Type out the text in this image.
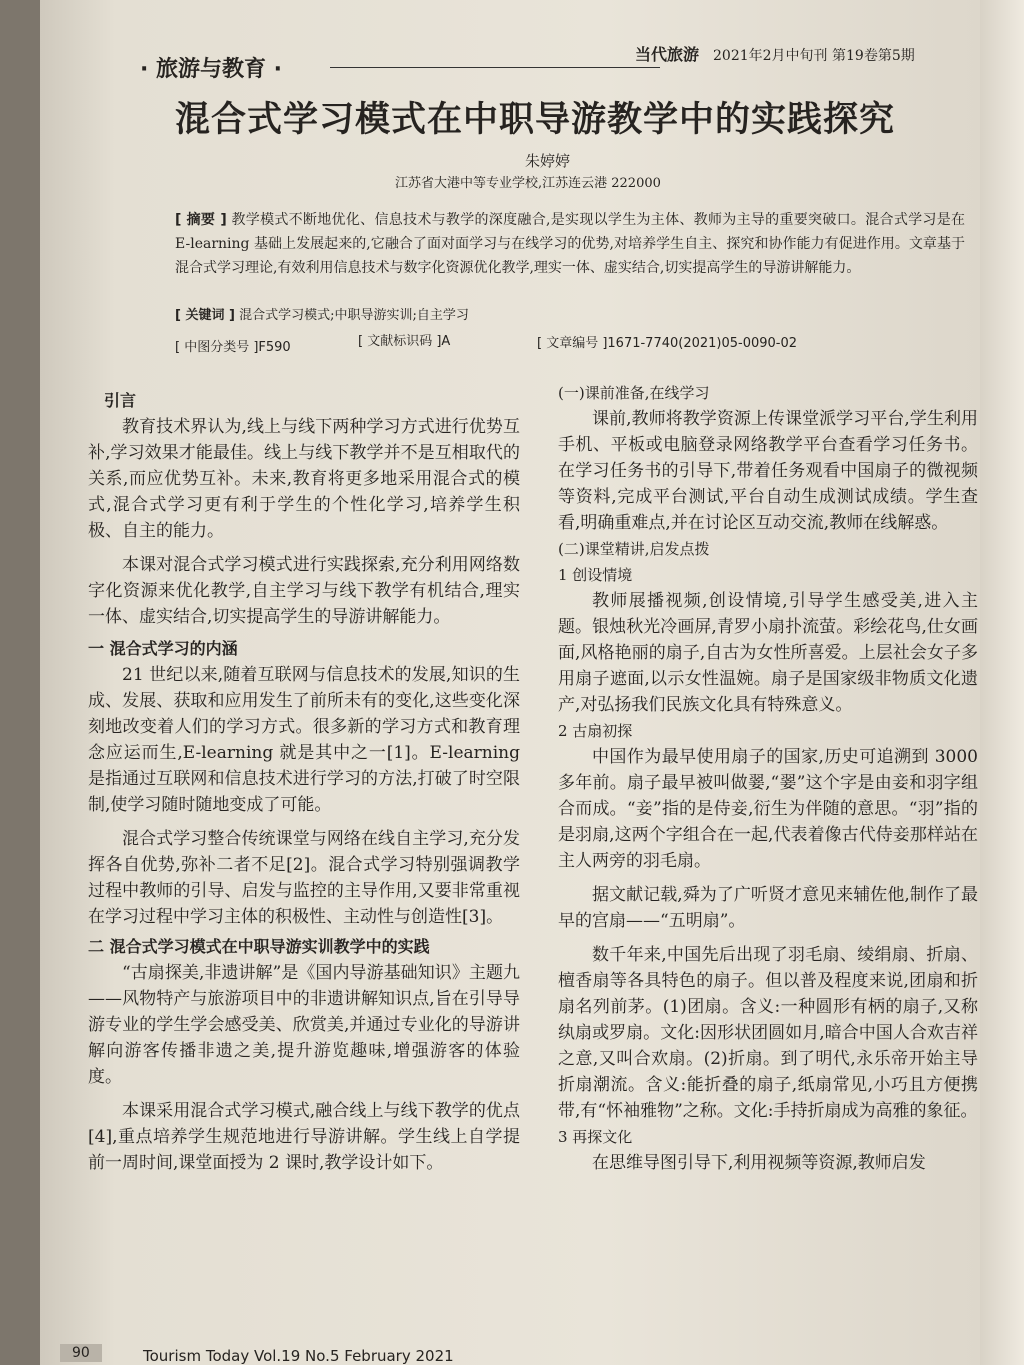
· 旅游与教育 ·
当代旅游 2021年2月中旬刊 第19卷第5期
混合式学习模式在中职导游教学中的实践探究
朱婷婷
江苏省大港中等专业学校,江苏连云港 222000

[ 摘要 ] 教学模式不断地优化、信息技术与教学的深度融合,是实现以学生为主体、教师为主导的重要突破口。混合式学习是在 E-learning 基础上发展起来的,它融合了面对面学习与在线学习的优势,对培养学生自主、探究和协作能力有促进作用。文章基于混合式学习理论,有效利用信息技术与数字化资源优化教学,理实一体、虚实结合,切实提高学生的导游讲解能力。

[ 关键词 ] 混合式学习模式;中职导游实训;自主学习
[ 中图分类号 ]F590	[ 文献标识码 ]A	[ 文章编号 ]1671-7740(2021)05-0090-02
引言

教育技术界认为,线上与线下两种学习方式进行优势互补,学习效果才能最佳。线上与线下教学并不是互相取代的关系,而应优势互补。未来,教育将更多地采用混合式的模式,混合式学习更有利于学生的个性化学习,培养学生积极、自主的能力。

本课对混合式学习模式进行实践探索,充分利用网络数字化资源来优化教学,自主学习与线下教学有机结合,理实一体、虚实结合,切实提高学生的导游讲解能力。

一 混合式学习的内涵

21 世纪以来,随着互联网与信息技术的发展,知识的生成、发展、获取和应用发生了前所未有的变化,这些变化深刻地改变着人们的学习方式。很多新的学习方式和教育理念应运而生,E-learning 就是其中之一[1]。E-learning 是指通过互联网和信息技术进行学习的方法,打破了时空限制,使学习随时随地变成了可能。

混合式学习整合传统课堂与网络在线自主学习,充分发挥各自优势,弥补二者不足[2]。混合式学习特别强调教学过程中教师的引导、启发与监控的主导作用,又要非常重视在学习过程中学习主体的积极性、主动性与创造性[3]。

二 混合式学习模式在中职导游实训教学中的实践

“古扇探美,非遗讲解”是《国内导游基础知识》主题九——风物特产与旅游项目中的非遗讲解知识点,旨在引导导游专业的学生学会感受美、欣赏美,并通过专业化的导游讲解向游客传播非遗之美,提升游览趣味,增强游客的体验度。

本课采用混合式学习模式,融合线上与线下教学的优点[4],重点培养学生规范地进行导游讲解。学生线上自学提前一周时间,课堂面授为 2 课时,教学设计如下。

(一)课前准备,在线学习

课前,教师将教学资源上传课堂派学习平台,学生利用手机、平板或电脑登录网络教学平台查看学习任务书。在学习任务书的引导下,带着任务观看中国扇子的微视频等资料,完成平台测试,平台自动生成测试成绩。学生查看,明确重难点,并在讨论区互动交流,教师在线解惑。

(二)课堂精讲,启发点拨
1 创设情境

教师展播视频,创设情境,引导学生感受美,进入主题。银烛秋光冷画屏,青罗小扇扑流萤。彩绘花鸟,仕女画面,风格艳丽的扇子,自古为女性所喜爱。上层社会女子多用扇子遮面,以示女性温婉。扇子是国家级非物质文化遗产,对弘扬我们民族文化具有特殊意义。

2 古扇初探

中国作为最早使用扇子的国家,历史可追溯到 3000 多年前。扇子最早被叫做翣,“翣”这个字是由妾和羽字组合而成。“妾”指的是侍妾,衍生为伴随的意思。“羽”指的是羽扇,这两个字组合在一起,代表着像古代侍妾那样站在主人两旁的羽毛扇。

据文献记载,舜为了广听贤才意见来辅佐他,制作了最早的宫扇——“五明扇”。

数千年来,中国先后出现了羽毛扇、绫绢扇、折扇、檀香扇等各具特色的扇子。但以普及程度来说,团扇和折扇名列前茅。(1)团扇。含义:一种圆形有柄的扇子,又称纨扇或罗扇。文化:因形状团圆如月,暗合中国人合欢吉祥之意,又叫合欢扇。(2)折扇。到了明代,永乐帝开始主导折扇潮流。含义:能折叠的扇子,纸扇常见,小巧且方便携带,有“怀袖雅物”之称。文化:手持折扇成为高雅的象征。

3 再探文化

在思维导图引导下,利用视频等资源,教师启发

90	Tourism Today Vol.19 No.5 February 2021
